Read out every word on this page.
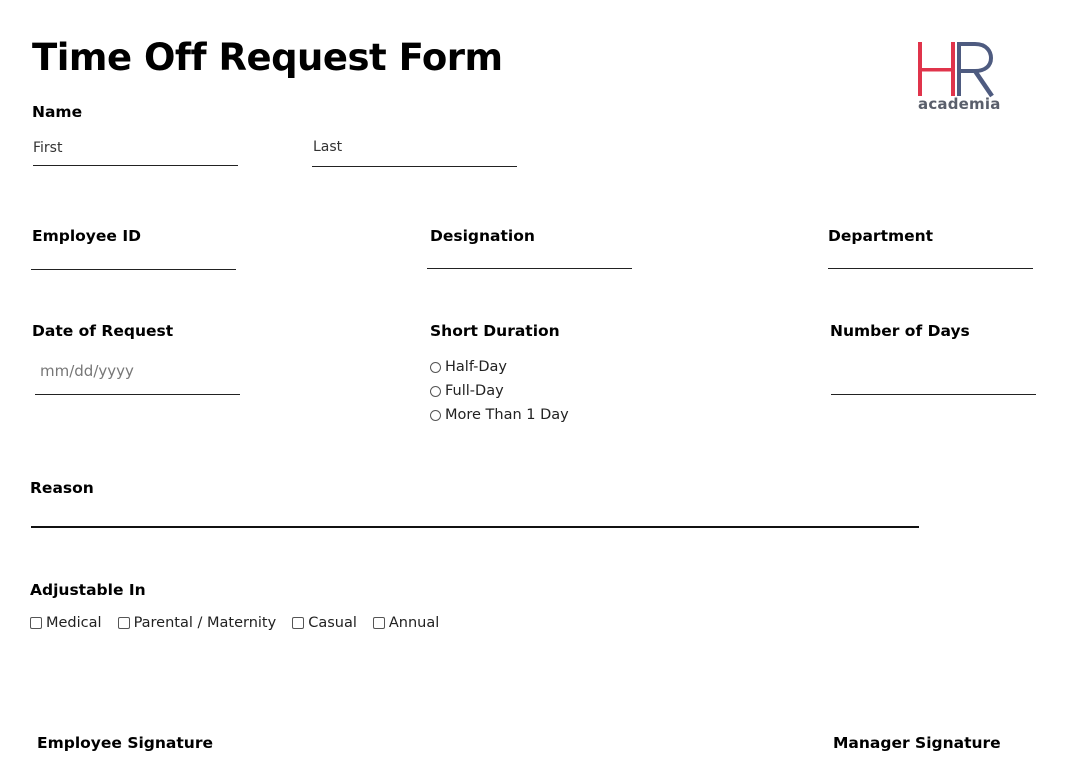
Time Off Request Form
academia
Name
First	Last
Employee ID	Designation	Department
Date of Request
mm/dd/yyyy
Short Duration
Half-Day
Full-Day
More Than 1 Day
Number of Days
Reason
Adjustable In
Medical Parental / Maternity Casual Annual
Employee Signature	Manager Signature
